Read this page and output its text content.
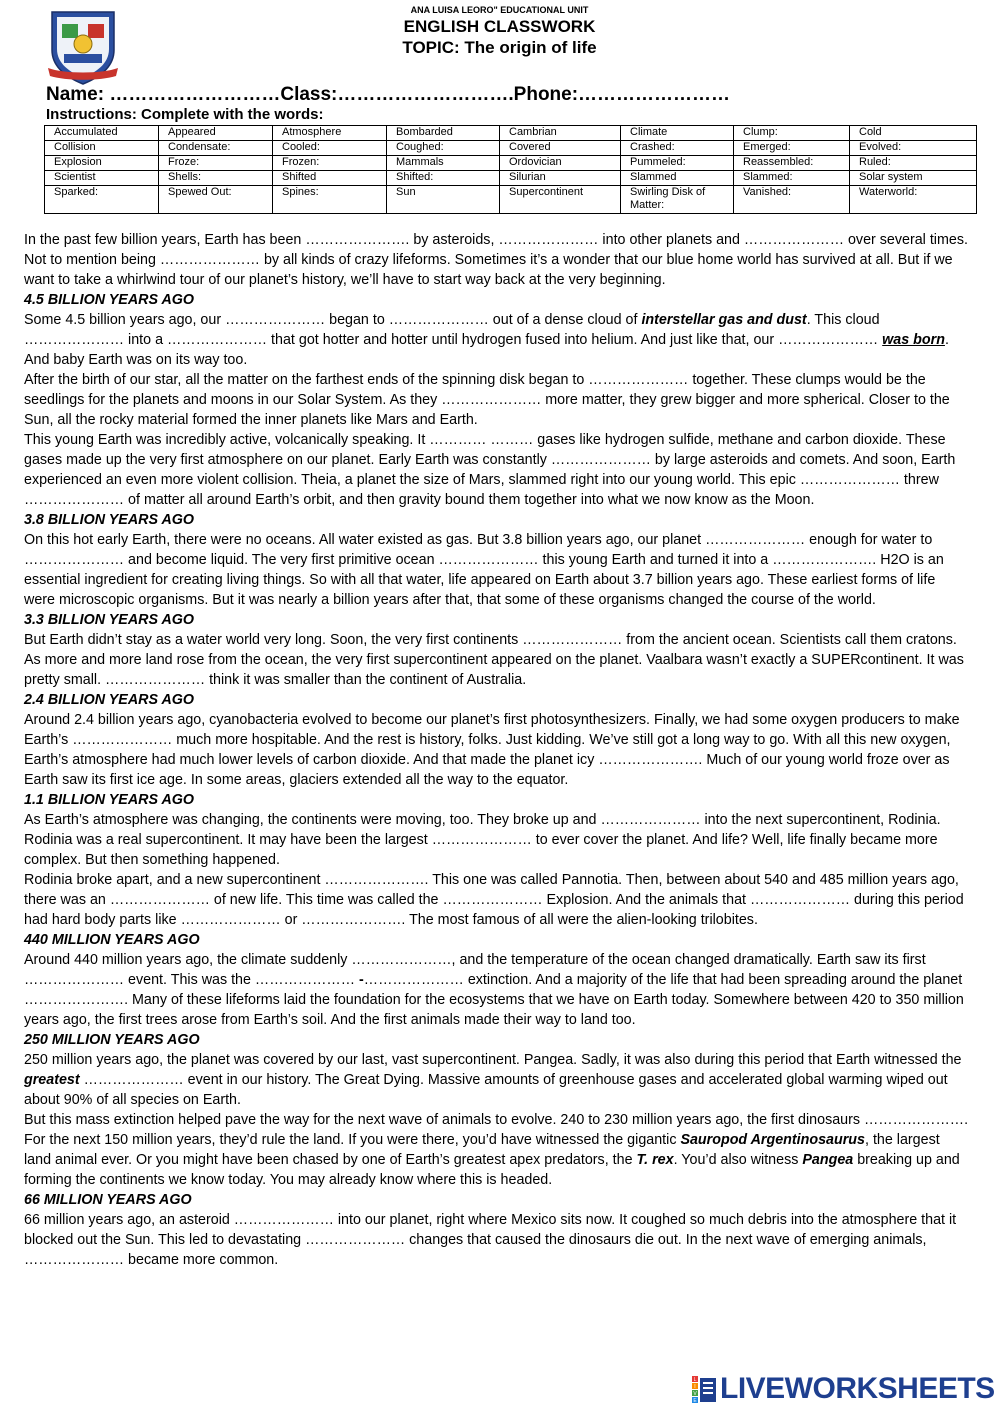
ANA LUISA LEORO" EDUCATIONAL UNIT
ENGLISH CLASSWORK
TOPIC: The origin of life
Name: ………………………Class:……………………….Phone:……………………
Instructions: Complete with the words:
Accumulated	Appeared	Atmosphere	Bombarded	Cambrian	Climate	Clump:	Cold
Collision	Condensate:	Cooled:	Coughed:	Covered	Crashed:	Emerged:	Evolved:
Explosion	Froze:	Frozen:	Mammals	Ordovician	Pummeled:	Reassembled:	Ruled:
Scientist	Shells:	Shifted	Shifted:	Silurian	Slammed	Slammed:	Solar system
Sparked:	Spewed Out:	Spines:	Sun	Supercontinent	Swirling Disk of Matter:	Vanished:	Waterworld:

In the past few billion years, Earth has been …………………. by asteroids, ………………… into other planets and ………………… over several times. Not to mention being ………………… by all kinds of crazy lifeforms. Sometimes it’s a wonder that our blue home world has survived at all. But if we want to take a whirlwind tour of our planet’s history, we’ll have to start way back at the very beginning.

4.5 BILLION YEARS AGO

Some 4.5 billion years ago, our ………………… began to ………………… out of a dense cloud of interstellar gas and dust. This cloud ………………… into a ………………… that got hotter and hotter until hydrogen fused into helium. And just like that, our ………………… was born. And baby Earth was on its way too.

After the birth of our star, all the matter on the farthest ends of the spinning disk began to ………………… together. These clumps would be the seedlings for the planets and moons in our Solar System. As they ………………… more matter, they grew bigger and more spherical. Closer to the Sun, all the rocky material formed the inner planets like Mars and Earth.

This young Earth was incredibly active, volcanically speaking. It ………… ……… gases like hydrogen sulfide, methane and carbon dioxide. These gases made up the very first atmosphere on our planet. Early Earth was constantly ………………… by large asteroids and comets. And soon, Earth experienced an even more violent collision. Theia, a planet the size of Mars, slammed right into our young world. This epic ………………… threw ………………… of matter all around Earth’s orbit, and then gravity bound them together into what we now know as the Moon.

3.8 BILLION YEARS AGO

On this hot early Earth, there were no oceans. All water existed as gas. But 3.8 billion years ago, our planet ………………… enough for water to ………………… and become liquid. The very first primitive ocean ………………… this young Earth and turned it into a …………………. H2O is an essential ingredient for creating living things. So with all that water, life appeared on Earth about 3.7 billion years ago. These earliest forms of life were microscopic organisms. But it was nearly a billion years after that, that some of these organisms changed the course of the world.

3.3 BILLION YEARS AGO

But Earth didn’t stay as a water world very long. Soon, the very first continents ………………… from the ancient ocean. Scientists call them cratons. As more and more land rose from the ocean, the very first supercontinent appeared on the planet. Vaalbara wasn’t exactly a SUPERcontinent. It was pretty small. ………………… think it was smaller than the continent of Australia.

2.4 BILLION YEARS AGO

Around 2.4 billion years ago, cyanobacteria evolved to become our planet’s first photosynthesizers. Finally, we had some oxygen producers to make Earth’s ………………… much more hospitable. And the rest is history, folks. Just kidding. We’ve still got a long way to go. With all this new oxygen, Earth’s atmosphere had much lower levels of carbon dioxide. And that made the planet icy …………………. Much of our young world froze over as Earth saw its first ice age. In some areas, glaciers extended all the way to the equator.

1.1 BILLION YEARS AGO

As Earth’s atmosphere was changing, the continents were moving, too. They broke up and ………………… into the next supercontinent, Rodinia. Rodinia was a real supercontinent. It may have been the largest ………………… to ever cover the planet. And life? Well, life finally became more complex. But then something happened.

Rodinia broke apart, and a new supercontinent …………………. This one was called Pannotia. Then, between about 540 and 485 million years ago, there was an ………………… of new life. This time was called the ………………… Explosion. And the animals that ………………… during this period had hard body parts like ………………… or …………………. The most famous of all were the alien-looking trilobites.

440 MILLION YEARS AGO

Around 440 million years ago, the climate suddenly …………………, and the temperature of the ocean changed dramatically. Earth saw its first ………………… event. This was the ………………… -………………… extinction. And a majority of the life that had been spreading around the planet …………………. Many of these lifeforms laid the foundation for the ecosystems that we have on Earth today. Somewhere between 420 to 350 million years ago, the first trees arose from Earth’s soil. And the first animals made their way to land too.

250 MILLION YEARS AGO

250 million years ago, the planet was covered by our last, vast supercontinent. Pangea. Sadly, it was also during this period that Earth witnessed the greatest ………………… event in our history. The Great Dying. Massive amounts of greenhouse gases and accelerated global warming wiped out about 90% of all species on Earth.

But this mass extinction helped pave the way for the next wave of animals to evolve. 240 to 230 million years ago, the first dinosaurs …………………. For the next 150 million years, they’d rule the land. If you were there, you’d have witnessed the gigantic Sauropod Argentinosaurus, the largest land animal ever. Or you might have been chased by one of Earth’s greatest apex predators, the T. rex. You’d also witness Pangea breaking up and forming the continents we know today. You may already know where this is headed.

66 MILLION YEARS AGO

66 million years ago, an asteroid ………………… into our planet, right where Mexico sits now. It coughed so much debris into the atmosphere that it blocked out the Sun. This led to devastating ………………… changes that caused the dinosaurs die out. In the next wave of emerging animals, ………………… became more common.

L
I
V
E LIVEWORKSHEETS
